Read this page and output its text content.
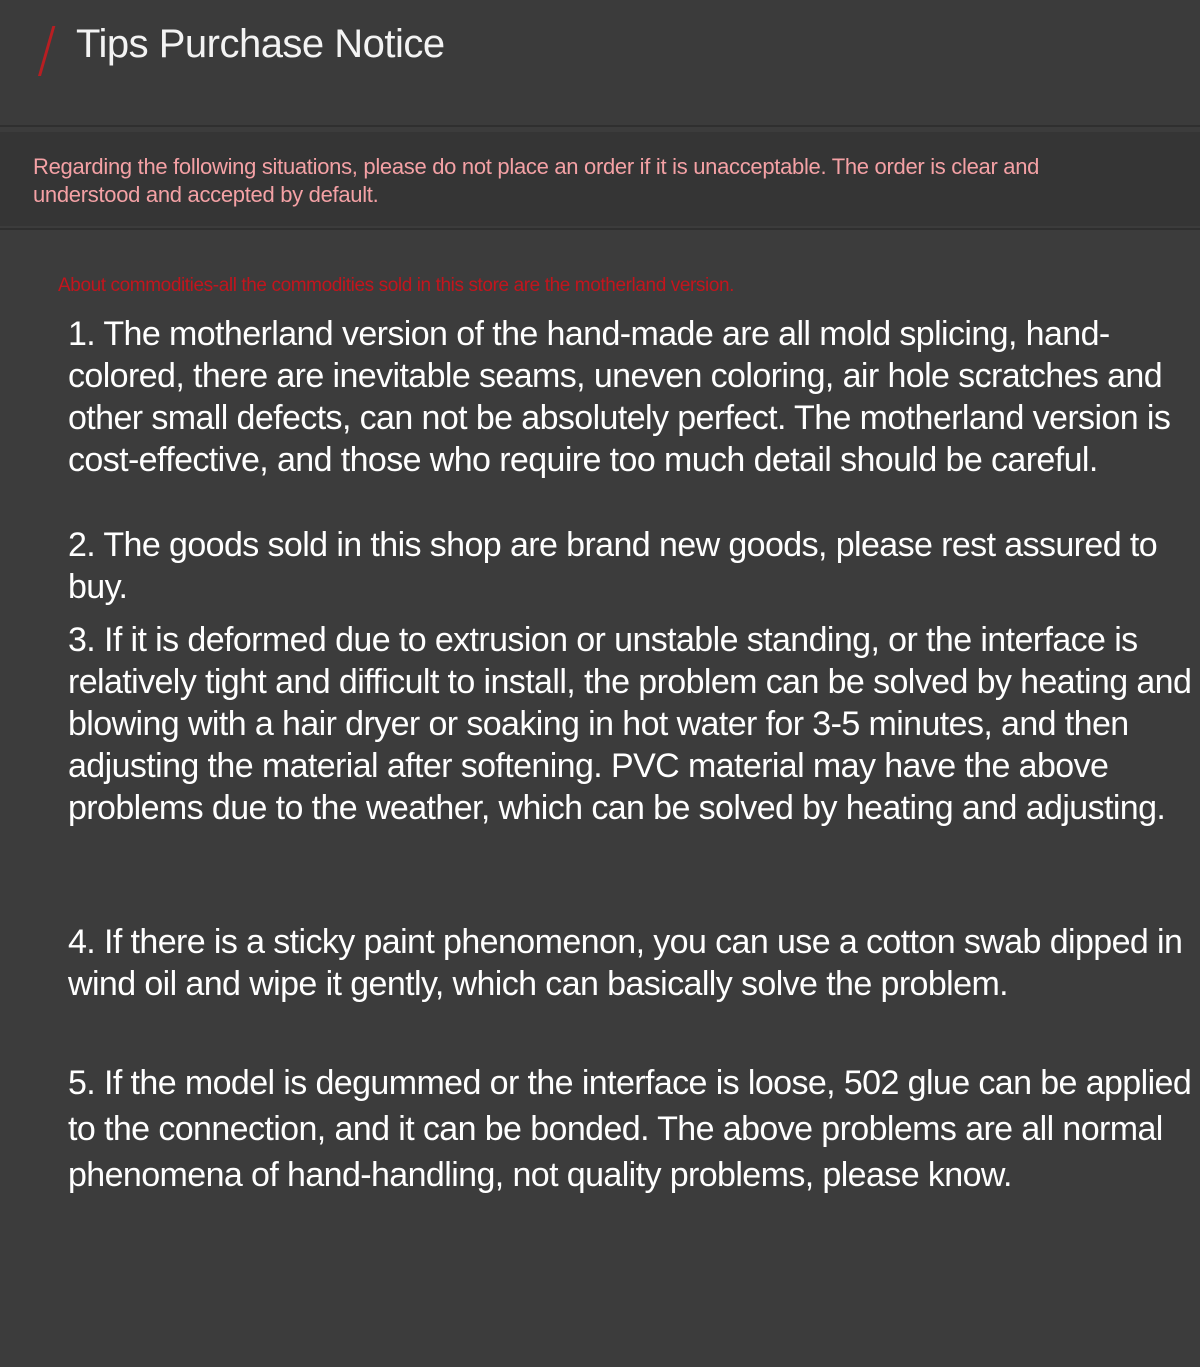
Tips Purchase Notice

Regarding the following situations, please do not place an order if it is unacceptable. The order is clear and understood and accepted by default.

About commodities-all the commodities sold in this store are the motherland version.

1. The motherland version of the hand-made are all mold splicing, hand-colored, there are inevitable seams, uneven coloring, air hole scratches and other small defects, can not be absolutely perfect. The motherland version is cost-effective, and those who require too much detail should be careful.
2. The goods sold in this shop are brand new goods, please rest assured to buy.
3. If it is deformed due to extrusion or unstable standing, or the interface is relatively tight and difficult to install, the problem can be solved by heating and blowing with a hair dryer or soaking in hot water for 3-5 minutes, and then adjusting the material after softening. PVC material may have the above problems due to the weather, which can be solved by heating and adjusting.
4. If there is a sticky paint phenomenon, you can use a cotton swab dipped in wind oil and wipe it gently, which can basically solve the problem.
5. If the model is degummed or the interface is loose, 502 glue can be applied to the connection, and it can be bonded. The above problems are all normal phenomena of hand-handling, not quality problems, please know.
